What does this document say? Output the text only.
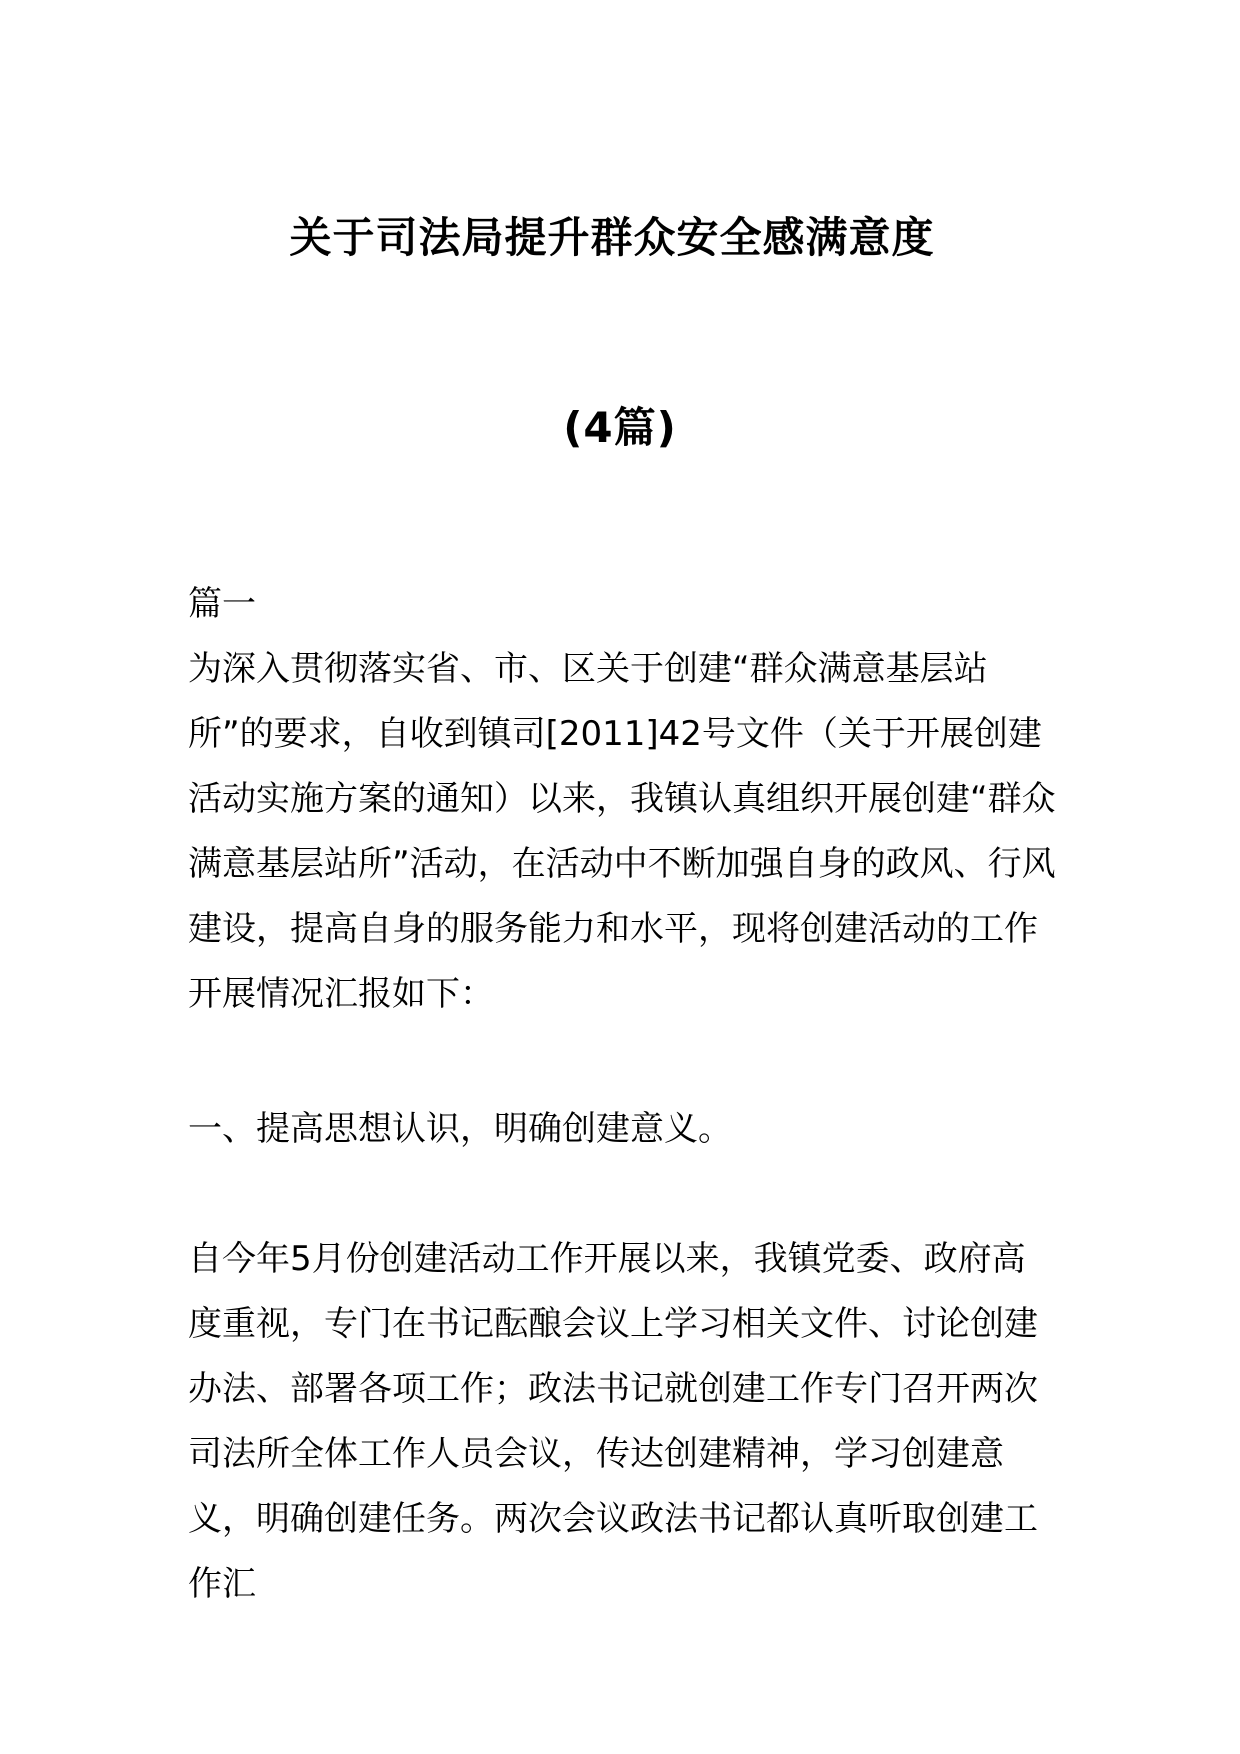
关于司法局提升群众安全感满意度
(4篇)
篇一

为深入贯彻落实省、市、区关于创建“群众满意基层站所”的要求，自收到镇司[2011]42号文件（关于开展创建活动实施方案的通知）以来，我镇认真组织开展创建“群众满意基层站所”活动，在活动中不断加强自身的政风、行风建设，提高自身的服务能力和水平，现将创建活动的工作开展情况汇报如下：

一、提高思想认识，明确创建意义。

自今年5月份创建活动工作开展以来，我镇党委、政府高度重视，专门在书记酝酿会议上学习相关文件、讨论创建办法、部署各项工作；政法书记就创建工作专门召开两次司法所全体工作人员会议，传达创建精神，学习创建意义，明确创建任务。两次会议政法书记都认真听取创建工作汇
